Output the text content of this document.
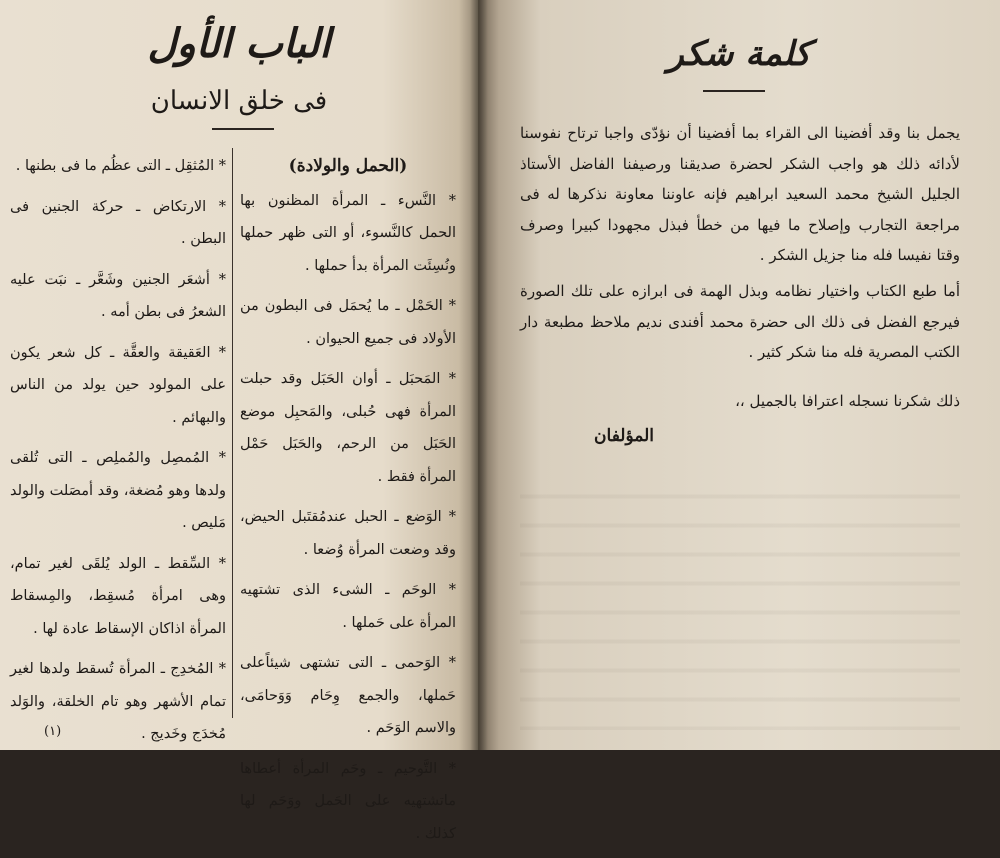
الباب الأول
فى خلق الانسان
(الحمل والولادة)

* النَّسء ـ المرأة المظنون بها الحمل كالنَّسوء، أو التى ظهر حملها ونُسِئَت المرأة بدأ حملها .

* الحَمْل ـ ما يُحمَل فى البطون من الأولاد فى جميع الحيوان .

* المَحبَل ـ أوان الحَبَل وقد حبلت المرأة فهى حُبلى، والمَحبِل موضع الحَبَل من الرحم، والحَبَل حَمْل المرأة فقط .

* الوَضع ـ الحبل عندمُقتَبل الحيض، وقد وضعت المرأة وُضعا .

* الوحَم ـ الشىء الذى تشتهيه المرأة على حَملها .

* الوَحمى ـ التى تشتهى شيئاًعلى حَملها، والجمع وِحَام وَوَحامَى، والاسم الوَحَم .

* التَّوحيم ـ وحَم المرأة أعطاها ماتشتهيه على الحَمل ووَحَم لها كذلك .

* المُثقِل ـ التى عظُم ما فى بطنها .

* الارتكاض ـ حركة الجنين فى البطن .

* أشعَر الجنين وشَعَّر ـ نبَت عليه الشعرُ فى بطن أمه .

* العَقيقة والعقَّة ـ كل شعر يكون على المولود حين يولد من الناس والبهائم .

* المُمصِل والمُملِص ـ التى تُلقى ولدها وهو مُضغة، وقد أمصَلت والولد مَليص .

* السِّقط ـ الولد يُلقَى لغير تمام، وهى امرأة مُسقِط، والمِسقاط المرأة اذاكان الإسقاط عادة لها .

* المُخدِج ـ المرأة تُسقط ولدها لغير تمام الأشهر وهو تام الخلقة، والوَلد مُخدَج وخَديج .

(١)
كلمة شكر
يجمل بنا وقد أفضينا الى القراء بما أفضينا أن نؤدّى واجبا ترتاح نفوسنا لأدائه ذلك هو واجب الشكر لحضرة صديقنا ورصيفنا الفاضل الأستاذ الجليل الشيخ محمد السعيد ابراهيم فإنه عاوننا معاونة نذكرها له فى مراجعة التجارب وإصلاح ما فيها من خطأ فبذل مجهودا كبيرا وصرف وقتا نفيسا فله منا جزيل الشكر .
أما طبع الكتاب واختيار نظامه وبذل الهمة فى ابرازه على تلك الصورة فيرجع الفضل فى ذلك الى حضرة محمد أفندى نديم ملاحظ مطبعة دار الكتب المصرية فله منا شكر كثير .
ذلك شكرنا نسجله اعترافا بالجميل ،،
المؤلفان
